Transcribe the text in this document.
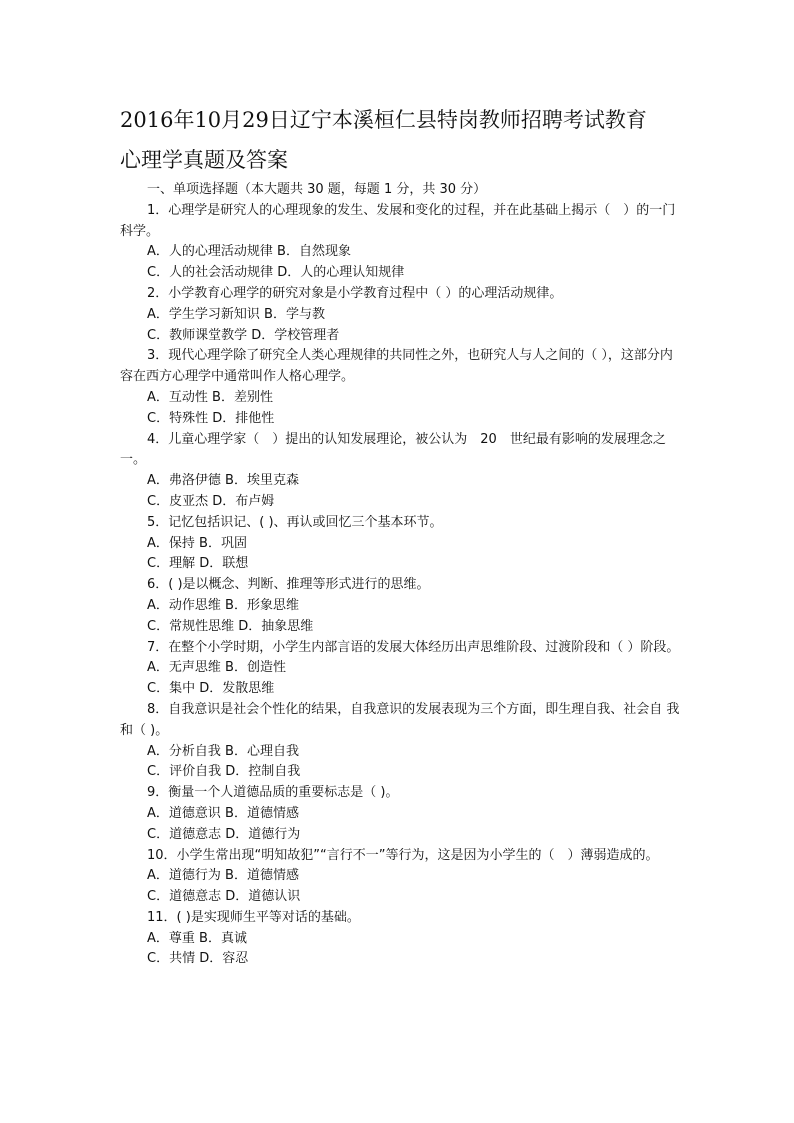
2016年10月29日辽宁本溪桓仁县特岗教师招聘考试教育
心理学真题及答案

一、单项选择题（本大题共 30 题，每题 1 分，共 30 分）

1．心理学是研究人的心理现象的发生、发展和变化的过程，并在此基础上揭示（　）的一门科学。

A．人的心理活动规律 B．自然现象

C．人的社会活动规律 D．人的心理认知规律

2．小学教育心理学的研究对象是小学教育过程中（ ）的心理活动规律。

A．学生学习新知识 B．学与教

C．教师课堂教学 D．学校管理者

3．现代心理学除了研究全人类心理规律的共同性之外，也研究人与人之间的（ ），这部分内容在西方心理学中通常叫作人格心理学。

A．互动性 B．差别性

C．特殊性 D．排他性

4．儿童心理学家（　）提出的认知发展理论，被公认为　20　世纪最有影响的发展理念之一。

A．弗洛伊德 B．埃里克森

C．皮亚杰 D．布卢姆

5．记忆包括识记、( )、再认或回忆三个基本环节。

A．保持 B．巩固

C．理解 D．联想

6．( )是以概念、判断、推理等形式进行的思维。

A．动作思维 B．形象思维

C．常规性思维 D．抽象思维

7．在整个小学时期，小学生内部言语的发展大体经历出声思维阶段、过渡阶段和（ ）阶段。

A．无声思维 B．创造性

C．集中 D．发散思维

8．自我意识是社会个性化的结果，自我意识的发展表现为三个方面，即生理自我、社会自 我和（ )。

A．分析自我 B．心理自我

C．评价自我 D．控制自我

9．衡量一个人道德品质的重要标志是（ )。

A．道德意识 B．道德情感

C．道德意志 D．道德行为

10．小学生常出现“明知故犯”“言行不一”等行为，这是因为小学生的（　）薄弱造成的。

A．道德行为 B．道德情感

C．道德意志 D．道德认识

11．( )是实现师生平等对话的基础。

A．尊重 B．真诚

C．共情 D．容忍
